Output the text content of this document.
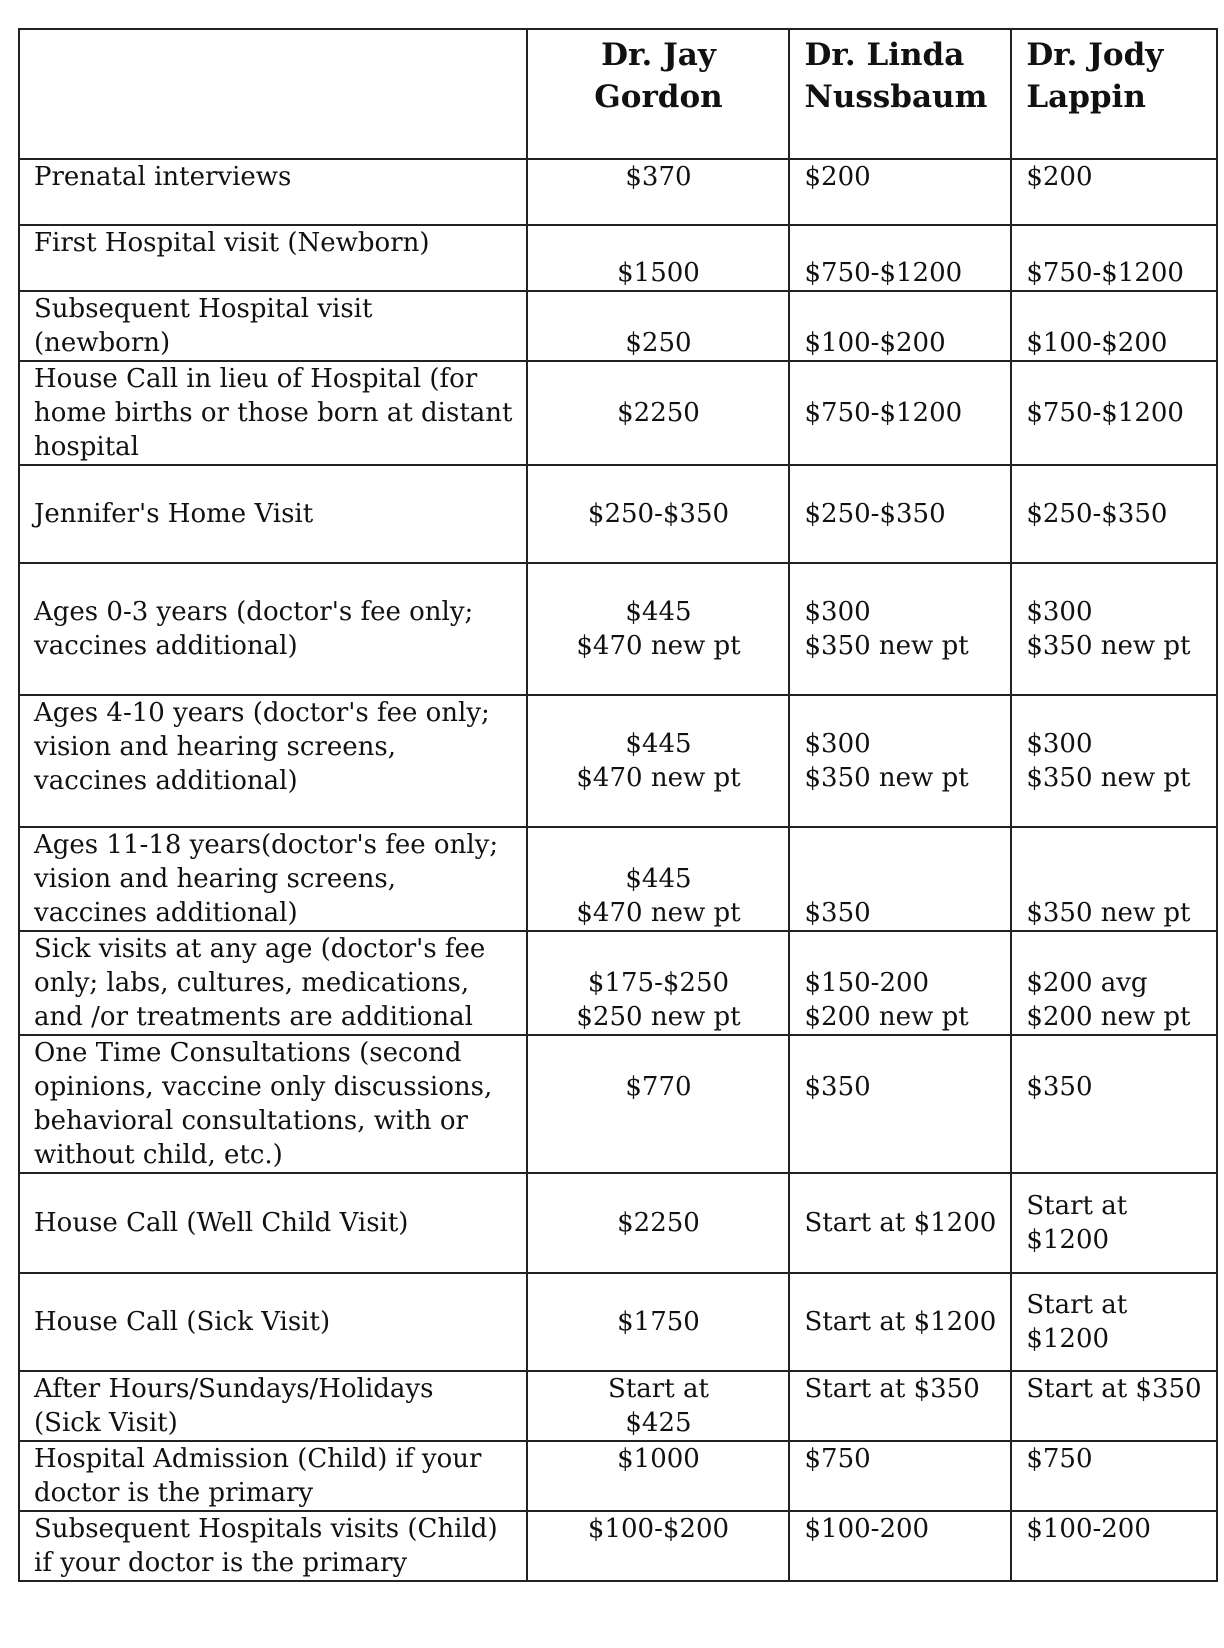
	Dr. Jay
Gordon	Dr. Linda
Nussbaum	Dr. Jody
Lappin

Prenatal interviews	$370	$200	$200

First Hospital visit (Newborn)	$1500	$750-$1200	$750-$1200

Subsequent Hospital visit
(newborn)	$250	$100-$200	$100-$200

House Call in lieu of Hospital (for
home births or those born at distant
hospital	$2250	$750-$1200	$750-$1200

Jennifer's Home Visit	$250-$350	$250-$350	$250-$350

Ages 0-3 years (doctor's fee only;
vaccines additional)	$445
$470 new pt	$300
$350 new pt	$300
$350 new pt

Ages 4-10 years (doctor's fee only;
vision and hearing screens,
vaccines additional)	$445
$470 new pt	$300
$350 new pt	$300
$350 new pt

Ages 11-18 years(doctor's fee only;
vision and hearing screens,
vaccines additional)	$445
$470 new pt	$350	$350 new pt

Sick visits at any age (doctor's fee
only; labs, cultures, medications,
and /or treatments are additional	$175-$250
$250 new pt	$150-200
$200 new pt	$200 avg
$200 new pt

One Time Consultations (second
opinions, vaccine only discussions,
behavioral consultations, with or
without child, etc.)	$770	$350	$350

House Call (Well Child Visit)	$2250	Start at $1200	Start at
$1200

House Call (Sick Visit)	$1750	Start at $1200	Start at
$1200

After Hours/Sundays/Holidays
(Sick Visit)	Start at
$425	Start at $350	Start at $350

Hospital Admission (Child) if your
doctor is the primary	$1000	$750	$750

Subsequent Hospitals visits (Child)
if your doctor is the primary	$100-$200	$100-200	$100-200
